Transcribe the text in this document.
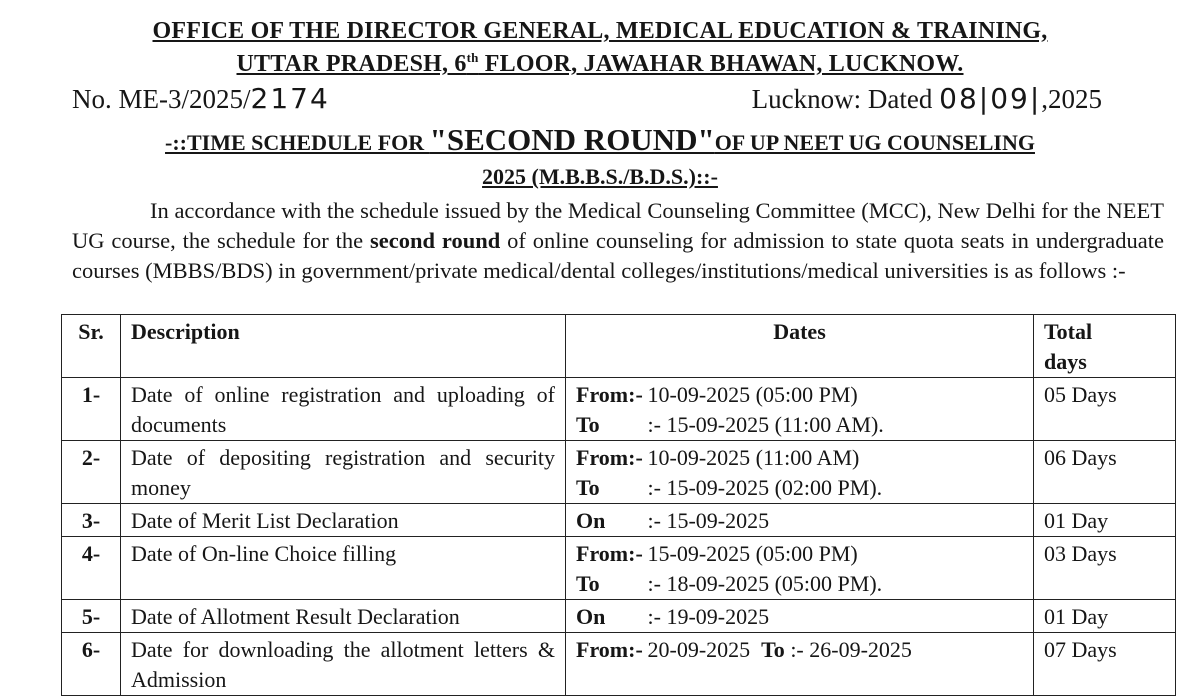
OFFICE OF THE DIRECTOR GENERAL, MEDICAL EDUCATION & TRAINING,
UTTAR PRADESH, 6th FLOOR, JAWAHAR BHAWAN, LUCKNOW.
No. ME-3/2025/2174	Lucknow: Dated 08|09|,2025
-::TIME SCHEDULE FOR "SECOND ROUND"OF UP NEET UG COUNSELING
2025 (M.B.B.S./B.D.S.)::-
In accordance with the schedule issued by the Medical Counseling Committee (MCC), New Delhi for the NEET UG course, the schedule for the second round of online counseling for admission to state quota seats in undergraduate courses (MBBS/BDS) in government/private medical/dental colleges/institutions/medical universities is as follows :-
Sr.	Description	Dates	Total
days
1-	Date of online registration and uploading of documents	From:- 10-09-2025 (05:00 PM)
To :- 15-09-2025 (11:00 AM).	05 Days
2-	Date of depositing registration and security money	From:- 10-09-2025 (11:00 AM)
To :- 15-09-2025 (02:00 PM).	06 Days
3-	Date of Merit List Declaration	On :- 15-09-2025	01 Day
4-	Date of On-line Choice filling	From:- 15-09-2025 (05:00 PM)
To :- 18-09-2025 (05:00 PM).	03 Days
5-	Date of Allotment Result Declaration	On :- 19-09-2025	01 Day
6-	Date for downloading the allotment letters & Admission	From:- 20-09-2025 To :- 26-09-2025	07 Days
